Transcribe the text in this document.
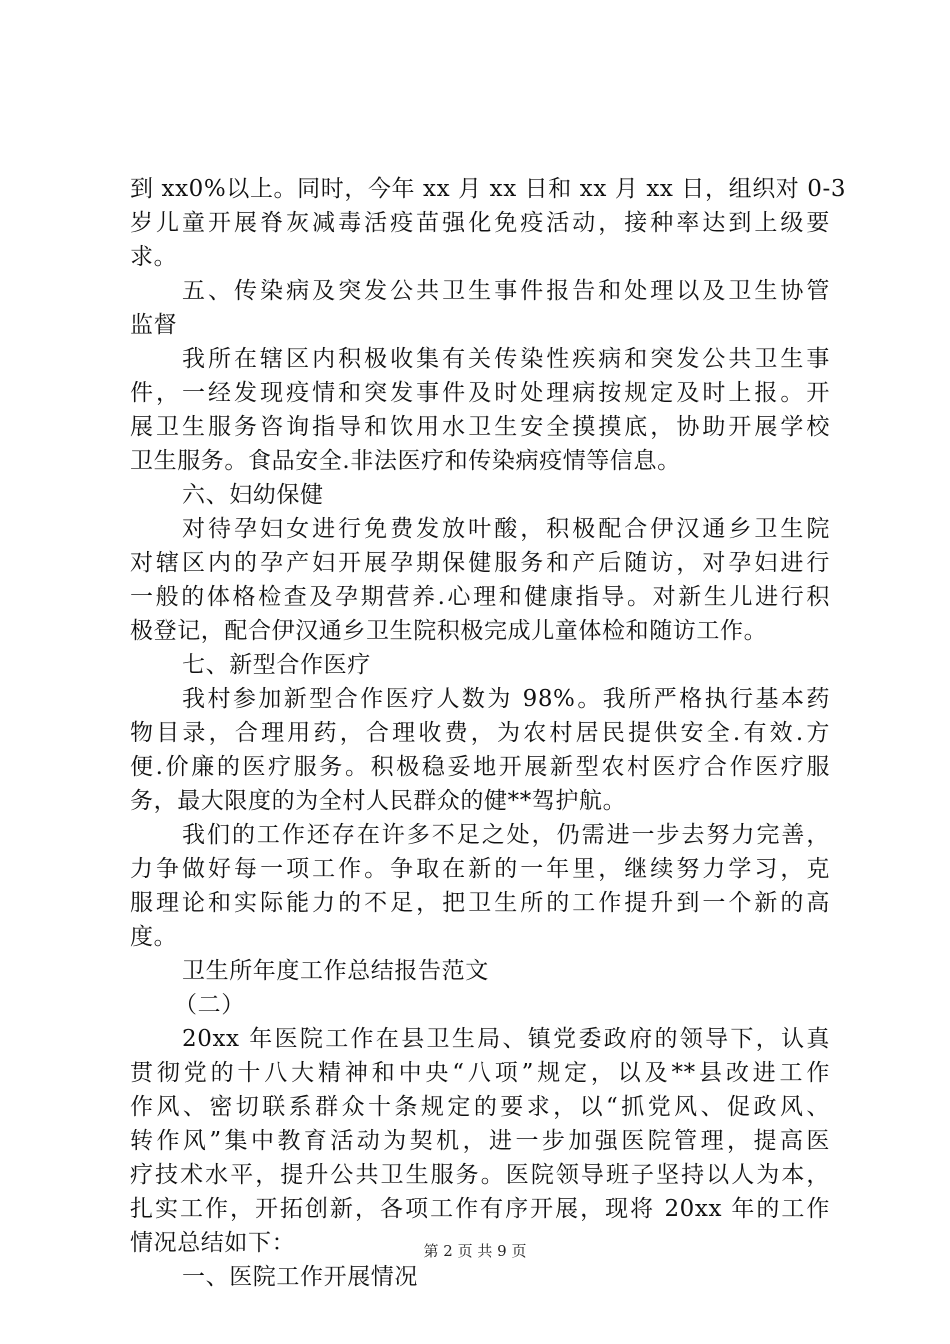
到 xx0%以上。同时，今年 xx 月 xx 日和 xx 月 xx 日，组织对 0-3
岁儿童开展脊灰减毒活疫苗强化免疫活动，接种率达到上级要
求。
五、传染病及突发公共卫生事件报告和处理以及卫生协管
监督
我所在辖区内积极收集有关传染性疾病和突发公共卫生事
件，一经发现疫情和突发事件及时处理病按规定及时上报。开
展卫生服务咨询指导和饮用水卫生安全摸摸底，协助开展学校
卫生服务。食品安全.非法医疗和传染病疫情等信息。
六、妇幼保健
对待孕妇女进行免费发放叶酸，积极配合伊汉通乡卫生院
对辖区内的孕产妇开展孕期保健服务和产后随访，对孕妇进行
一般的体格检查及孕期营养.心理和健康指导。对新生儿进行积
极登记，配合伊汉通乡卫生院积极完成儿童体检和随访工作。
七、新型合作医疗
我村参加新型合作医疗人数为 98%。我所严格执行基本药
物目录，合理用药，合理收费，为农村居民提供安全.有效.方
便.价廉的医疗服务。积极稳妥地开展新型农村医疗合作医疗服
务，最大限度的为全村人民群众的健**驾护航。
我们的工作还存在许多不足之处，仍需进一步去努力完善，
力争做好每一项工作。争取在新的一年里，继续努力学习，克
服理论和实际能力的不足，把卫生所的工作提升到一个新的高
度。
卫生所年度工作总结报告范文
（二）
20xx 年医院工作在县卫生局、镇党委政府的领导下，认真
贯彻党的十八大精神和中央“八项”规定，以及**县改进工作
作风、密切联系群众十条规定的要求，以“抓党风、促政风、
转作风”集中教育活动为契机，进一步加强医院管理，提高医
疗技术水平，提升公共卫生服务。医院领导班子坚持以人为本，
扎实工作，开拓创新，各项工作有序开展，现将 20xx 年的工作
情况总结如下：
一、医院工作开展情况
第 2 页 共 9 页
